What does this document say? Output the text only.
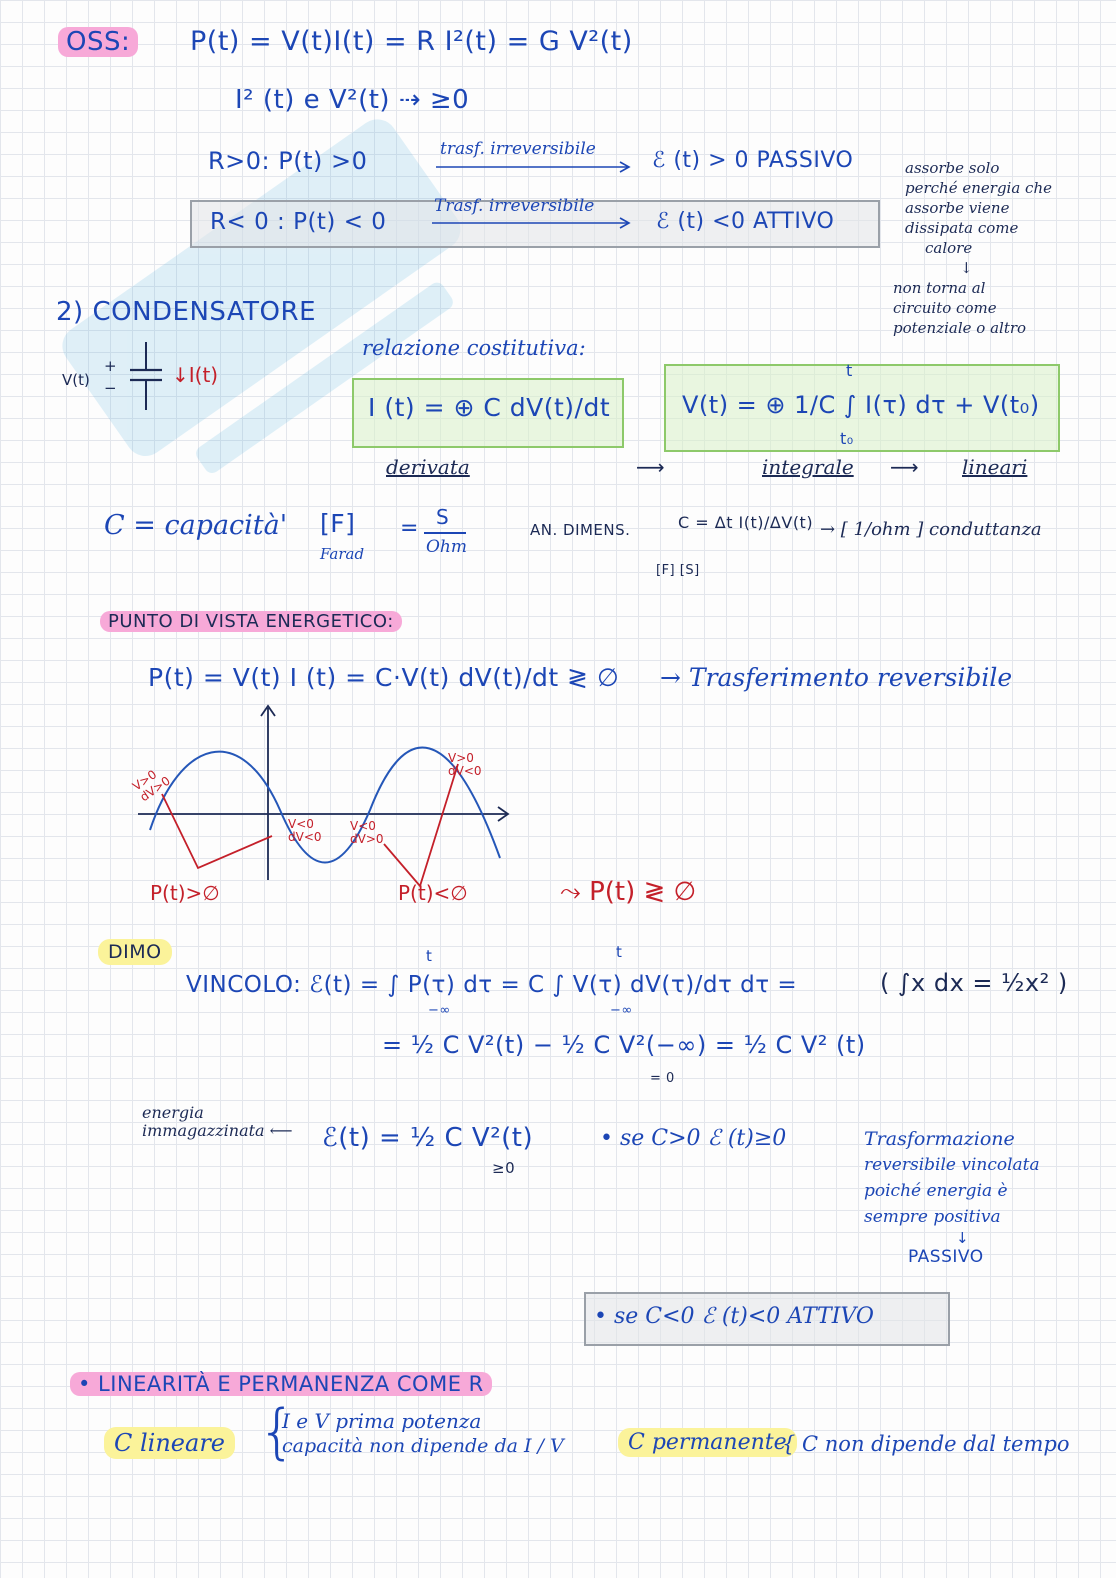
OSS: P(t) = V(t)I(t) = R I²(t) = G V²(t)
I² (t) e V²(t) ⇢ ≥0
R>0: P(t) >0	trasf. irreversibile	ℰ (t) > 0 PASSIVO
R< 0 : P(t) < 0
Trasf. irreversibile
ℰ (t) <0 ATTIVO
assorbe solo
perché energia che
assorbe viene
dissipata come
calore
↓
non torna al
circuito come
potenziale o altro
2) CONDENSATORE
V(t)
+
−
↓I(t)
relazione costitutiva:
I (t) = ⊕ C dV(t)/dt	V(t) = ⊕ 1/C ∫ I(τ) dτ + V(t₀)
t
t₀
derivata	⟶	integrale ⟶ lineari
C = capacità' [F]
Farad
= S
Ohm
AN. DIMENS.	C = Δt I(t)/ΔV(t) → [ 1/ohm ] conduttanza
[F] [S]
PUNTO DI VISTA ENERGETICO:
P(t) = V(t) I (t) = C·V(t) dV(t)/dt ≷ ∅ → Trasferimento reversibile
V>0 dV>0
V<0 dV<0
V<0 dV>0
V>0 dV<0
P(t)>∅	P(t)<∅	⤳ P(t) ≷ ∅
DIMO
VINCOLO: ℰ(t) = ∫ P(τ) dτ = C ∫ V(τ) dV(τ)/dτ dτ =
t
−∞
t
−∞
( ∫x dx = ½x² )
= ½ C V²(t) − ½ C V²(−∞) = ½ C V² (t)
= 0
energia immagazzinata ⟵	ℰ(t) = ½ C V²(t)
≥0
• se C>0 ℰ (t)≥0	Trasformazione
reversibile vincolata
poiché energia è
sempre positiva
↓
PASSIVO
• se C<0 ℰ (t)<0 ATTIVO
• LINEARITÀ E PERMANENZA COME R
C lineare {
I e V prima potenza
capacità non dipende da I / V	C permanente
{ C non dipende dal tempo
